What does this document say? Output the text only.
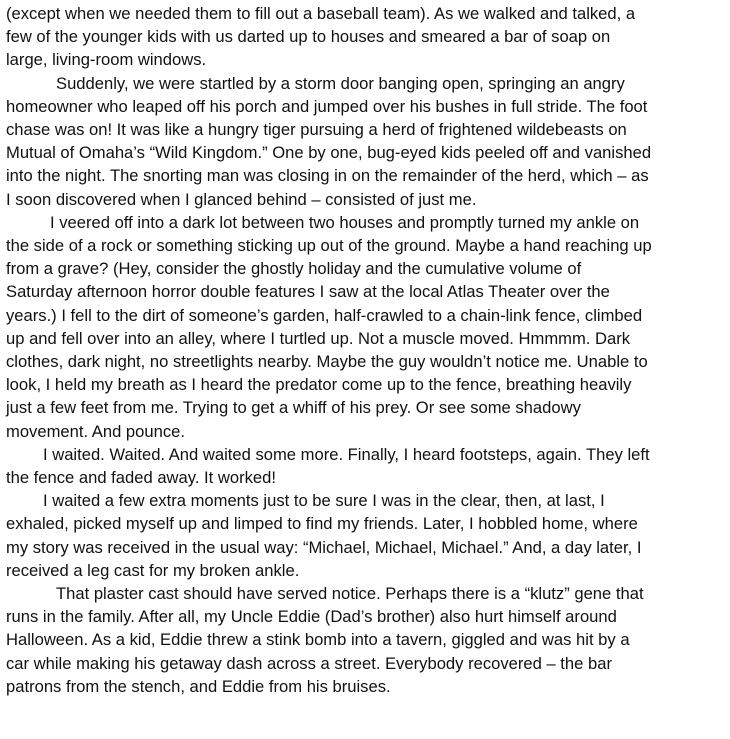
(except when we needed them to fill out a baseball team). As we walked and talked, a
few of the younger kids with us darted up to houses and smeared a bar of soap on
large, living-room windows.
Suddenly, we were startled by a storm door banging open, springing an angry
homeowner who leaped off his porch and jumped over his bushes in full stride. The foot
chase was on! It was like a hungry tiger pursuing a herd of frightened wildebeasts on
Mutual of Omaha’s “Wild Kingdom.” One by one, bug-eyed kids peeled off and vanished
into the night. The snorting man was closing in on the remainder of the herd, which – as
I soon discovered when I glanced behind – consisted of just me.
I veered off into a dark lot between two houses and promptly turned my ankle on
the side of a rock or something sticking up out of the ground. Maybe a hand reaching up
from a grave? (Hey, consider the ghostly holiday and the cumulative volume of
Saturday afternoon horror double features I saw at the local Atlas Theater over the
years.) I fell to the dirt of someone’s garden, half-crawled to a chain-link fence, climbed
up and fell over into an alley, where I turtled up. Not a muscle moved. Hmmmm. Dark
clothes, dark night, no streetlights nearby. Maybe the guy wouldn’t notice me. Unable to
look, I held my breath as I heard the predator come up to the fence, breathing heavily
just a few feet from me. Trying to get a whiff of his prey. Or see some shadowy
movement. And pounce.
I waited. Waited. And waited some more. Finally, I heard footsteps, again. They left
the fence and faded away. It worked!
I waited a few extra moments just to be sure I was in the clear, then, at last, I
exhaled, picked myself up and limped to find my friends. Later, I hobbled home, where
my story was received in the usual way: “Michael, Michael, Michael.” And, a day later, I
received a leg cast for my broken ankle.
That plaster cast should have served notice. Perhaps there is a “klutz” gene that
runs in the family. After all, my Uncle Eddie (Dad’s brother) also hurt himself around
Halloween. As a kid, Eddie threw a stink bomb into a tavern, giggled and was hit by a
car while making his getaway dash across a street. Everybody recovered – the bar
patrons from the stench, and Eddie from his bruises.
